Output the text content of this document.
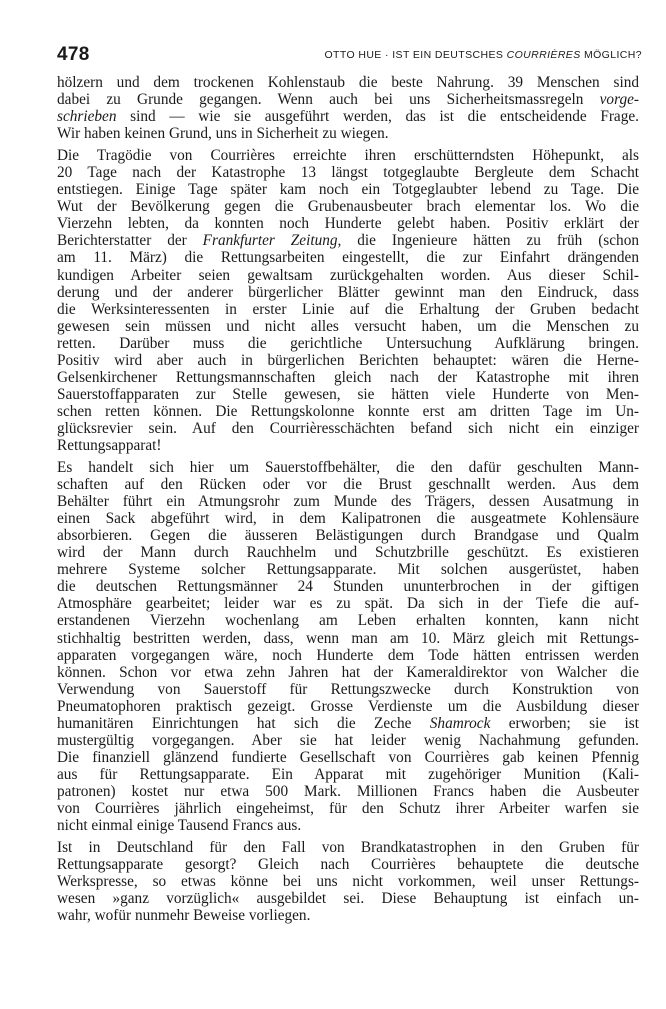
478	OTTO HUE · IST EIN DEUTSCHES COURRIÈRES MÖGLICH?
hölzern und dem trockenen Kohlenstaub die beste Nahrung. 39 Menschen sind
dabei zu Grunde gegangen. Wenn auch bei uns Sicherheitsmassregeln vorge-
schrieben sind — wie sie ausgeführt werden, das ist die entscheidende Frage.
Wir haben keinen Grund, uns in Sicherheit zu wiegen.
Die Tragödie von Courrières erreichte ihren erschütterndsten Höhepunkt, als
20 Tage nach der Katastrophe 13 längst totgeglaubte Bergleute dem Schacht
entstiegen. Einige Tage später kam noch ein Totgeglaubter lebend zu Tage. Die
Wut der Bevölkerung gegen die Grubenausbeuter brach elementar los. Wo die
Vierzehn lebten, da konnten noch Hunderte gelebt haben. Positiv erklärt der
Berichterstatter der Frankfurter Zeitung, die Ingenieure hätten zu früh (schon
am 11. März) die Rettungsarbeiten eingestellt, die zur Einfahrt drängenden
kundigen Arbeiter seien gewaltsam zurückgehalten worden. Aus dieser Schil-
derung und der anderer bürgerlicher Blätter gewinnt man den Eindruck, dass
die Werksinteressenten in erster Linie auf die Erhaltung der Gruben bedacht
gewesen sein müssen und nicht alles versucht haben, um die Menschen zu
retten. Darüber muss die gerichtliche Untersuchung Aufklärung bringen.
Positiv wird aber auch in bürgerlichen Berichten behauptet: wären die Herne-
Gelsenkirchener Rettungsmannschaften gleich nach der Katastrophe mit ihren
Sauerstoffapparaten zur Stelle gewesen, sie hätten viele Hunderte von Men-
schen retten können. Die Rettungskolonne konnte erst am dritten Tage im Un-
glücksrevier sein. Auf den Courrièresschächten befand sich nicht ein einziger
Rettungsapparat!
Es handelt sich hier um Sauerstoffbehälter, die den dafür geschulten Mann-
schaften auf den Rücken oder vor die Brust geschnallt werden. Aus dem
Behälter führt ein Atmungsrohr zum Munde des Trägers, dessen Ausatmung in
einen Sack abgeführt wird, in dem Kalipatronen die ausgeatmete Kohlensäure
absorbieren. Gegen die äusseren Belästigungen durch Brandgase und Qualm
wird der Mann durch Rauchhelm und Schutzbrille geschützt. Es existieren
mehrere Systeme solcher Rettungsapparate. Mit solchen ausgerüstet, haben
die deutschen Rettungsmänner 24 Stunden ununterbrochen in der giftigen
Atmosphäre gearbeitet; leider war es zu spät. Da sich in der Tiefe die auf-
erstandenen Vierzehn wochenlang am Leben erhalten konnten, kann nicht
stichhaltig bestritten werden, dass, wenn man am 10. März gleich mit Rettungs-
apparaten vorgegangen wäre, noch Hunderte dem Tode hätten entrissen werden
können. Schon vor etwa zehn Jahren hat der Kameraldirektor von Walcher die
Verwendung von Sauerstoff für Rettungszwecke durch Konstruktion von
Pneumatophoren praktisch gezeigt. Grosse Verdienste um die Ausbildung dieser
humanitären Einrichtungen hat sich die Zeche Shamrock erworben; sie ist
mustergültig vorgegangen. Aber sie hat leider wenig Nachahmung gefunden.
Die finanziell glänzend fundierte Gesellschaft von Courrières gab keinen Pfennig
aus für Rettungsapparate. Ein Apparat mit zugehöriger Munition (Kali-
patronen) kostet nur etwa 500 Mark. Millionen Francs haben die Ausbeuter
von Courrières jährlich eingeheimst, für den Schutz ihrer Arbeiter warfen sie
nicht einmal einige Tausend Francs aus.
Ist in Deutschland für den Fall von Brandkatastrophen in den Gruben für
Rettungsapparate gesorgt? Gleich nach Courrières behauptete die deutsche
Werkspresse, so etwas könne bei uns nicht vorkommen, weil unser Rettungs-
wesen »ganz vorzüglich« ausgebildet sei. Diese Behauptung ist einfach un-
wahr, wofür nunmehr Beweise vorliegen.
